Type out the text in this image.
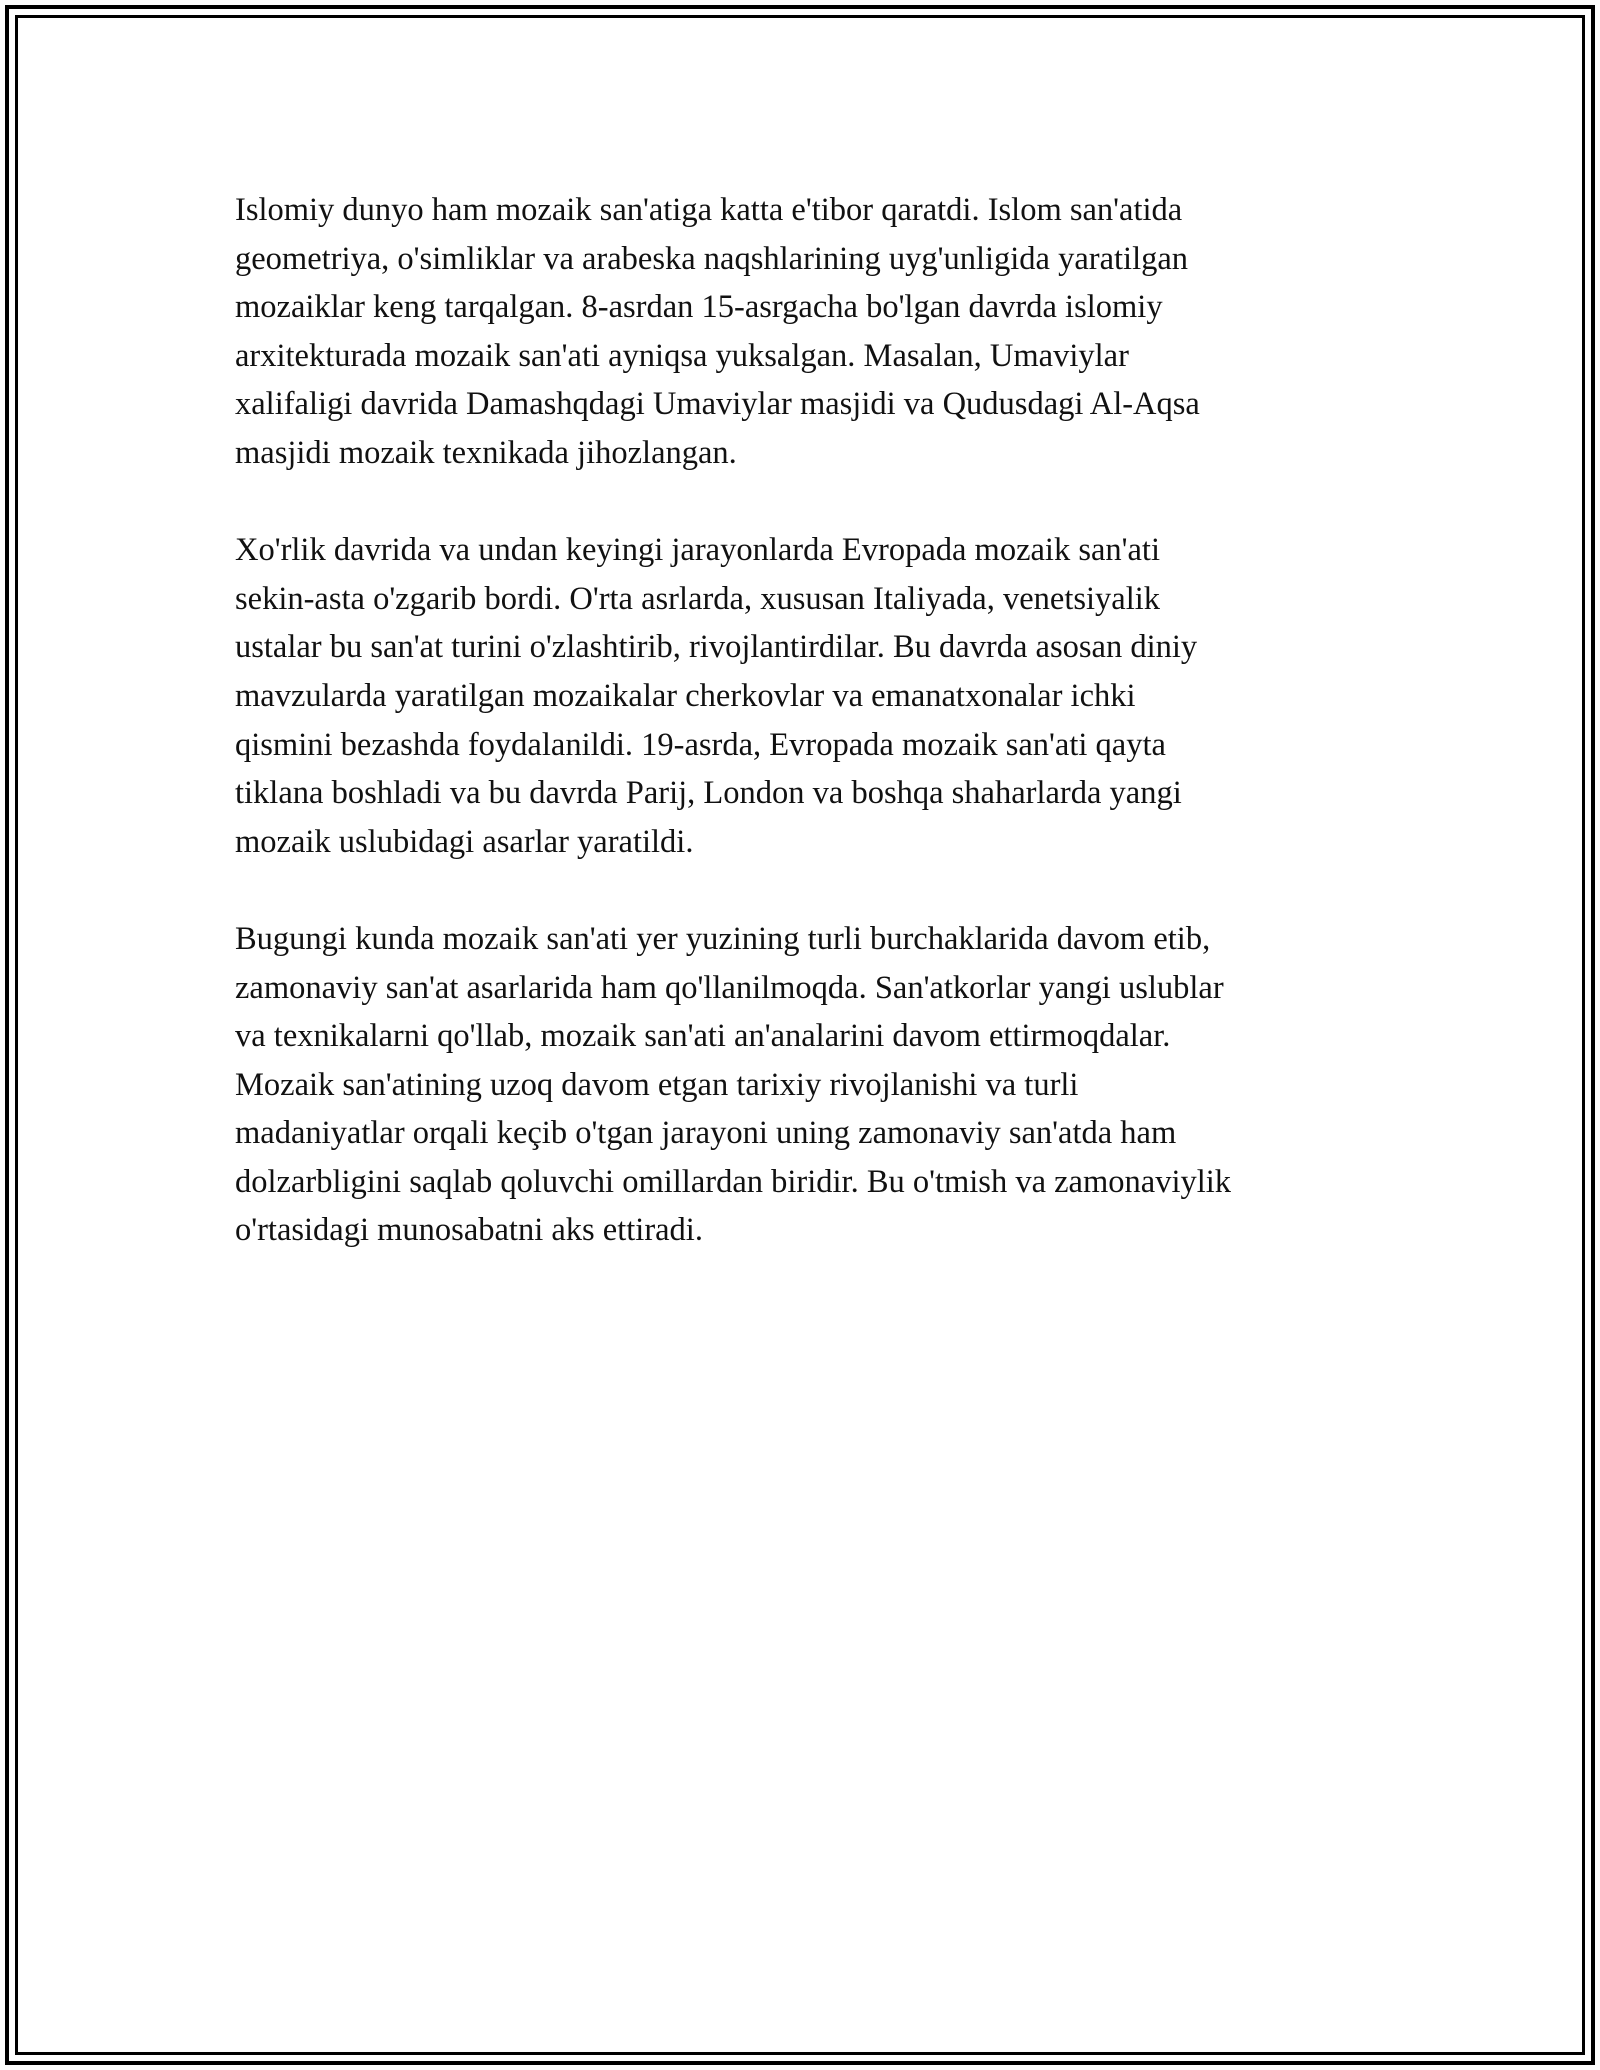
Islomiy dunyo ham mozaik san'atiga katta e'tibor qaratdi. Islom san'atida
geometriya, o'simliklar va arabeska naqshlarining uyg'unligida yaratilgan
mozaiklar keng tarqalgan. 8-asrdan 15-asrgacha bo'lgan davrda islomiy
arxitekturada mozaik san'ati ayniqsa yuksalgan. Masalan, Umaviylar
xalifaligi davrida Damashqdagi Umaviylar masjidi va Qudusdagi Al-Aqsa
masjidi mozaik texnikada jihozlangan.

Xo'rlik davrida va undan keyingi jarayonlarda Evropada mozaik san'ati
sekin-asta o'zgarib bordi. O'rta asrlarda, xususan Italiyada, venetsiyalik
ustalar bu san'at turini o'zlashtirib, rivojlantirdilar. Bu davrda asosan diniy
mavzularda yaratilgan mozaikalar cherkovlar va emanatxonalar ichki
qismini bezashda foydalanildi. 19-asrda, Evropada mozaik san'ati qayta
tiklana boshladi va bu davrda Parij, London va boshqa shaharlarda yangi
mozaik uslubidagi asarlar yaratildi.

Bugungi kunda mozaik san'ati yer yuzining turli burchaklarida davom etib,
zamonaviy san'at asarlarida ham qo'llanilmoqda. San'atkorlar yangi uslublar
va texnikalarni qo'llab, mozaik san'ati an'analarini davom ettirmoqdalar.
Mozaik san'atining uzoq davom etgan tarixiy rivojlanishi va turli
madaniyatlar orqali keçib o'tgan jarayoni uning zamonaviy san'atda ham
dolzarbligini saqlab qoluvchi omillardan biridir. Bu o'tmish va zamonaviylik
o'rtasidagi munosabatni aks ettiradi.
